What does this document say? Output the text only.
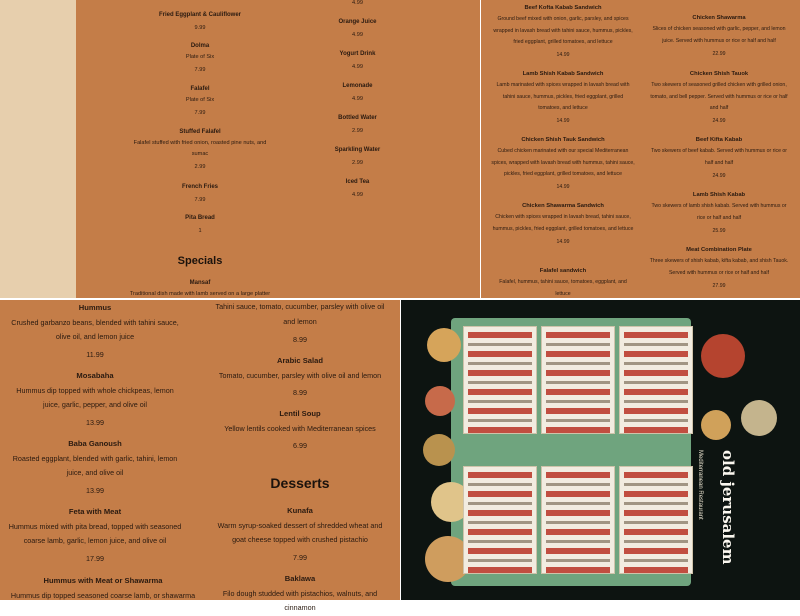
Fried Eggplant & Cauliflower
9.99
Dolma
Plate of Six
7.99
Falafel
Plate of Six
7.99
Stuffed Falafel
Falafel stuffed with fried onion, roasted pine nuts, and sumac
2.99
French Fries
7.99
Pita Bread
1
4.99
Orange Juice
4.99
Yogurt Drink
4.99
Lemonade
4.99
Bottled Water
2.99
Sparkling Water
2.99
Iced Tea
4.99
Specials
Mansaf
Traditional dish made with lamb served on a large platter
Beef Kofta Kabab Sandwich
Ground beef mixed with onion, garlic, parsley, and spices wrapped in lavash bread with tahini sauce, hummus, pickles, fried eggplant, grilled tomatoes, and lettuce
14.99
Lamb Shish Kabab Sandwich
Lamb marinated with spices wrapped in lavash bread with tahini sauce, hummus, pickles, fried eggplant, grilled tomatoes, and lettuce
14.99
Chicken Shish Tauk Sandwich
Cubed chicken marinated with our special Mediterranean spices, wrapped with lavash bread with hummus, tahini sauce, pickles, fried eggplant, grilled tomatoes, and lettuce
14.99
Chicken Shawarma Sandwich
Chicken with spices wrapped in lavash bread, tahini sauce, hummus, pickles, fried eggplant, grilled tomatoes, and lettuce
14.99
Falafel sandwich
Falafel, hummus, tahini sauce, tomatoes, eggplant, and lettuce
Chicken Shawarma
Slices of chicken seasoned with garlic, pepper, and lemon juice. Served with hummus or rice or half and half
22.99
Chicken Shish Tauok
Two skewers of seasoned grilled chicken with grilled onion, tomato, and bell pepper. Served with hummus or rice or half and half
24.99
Beef Kifta Kabab
Two skewers of beef kabab. Served with hummus or rice or half and half
24.99
Lamb Shish Kabab
Two skewers of lamb shish kabab. Served with hummus or rice or half and half
25.99
Meat Combination Plate
Three skewers of shish kabab, kifta kabab, and shish Tauok. Served with hummus or rice or half and half
27.99
Hummus
Crushed garbanzo beans, blended with tahini sauce, olive oil, and lemon juice
11.99
Mosabaha
Hummus dip topped with whole chickpeas, lemon juice, garlic, pepper, and olive oil
13.99
Baba Ganoush
Roasted eggplant, blended with garlic, tahini, lemon juice, and olive oil
13.99
Feta with Meat
Hummus mixed with pita bread, topped with seasoned coarse lamb, garlic, lemon juice, and olive oil
17.99
Hummus with Meat or Shawarma
Hummus dip topped seasoned coarse lamb, or shawarma
Tahini sauce, tomato, cucumber, parsley with olive oil and lemon
8.99
Arabic Salad
Tomato, cucumber, parsley with olive oil and lemon
8.99
Lentil Soup
Yellow lentils cooked with Mediterranean spices
6.99
Desserts
Kunafa
Warm syrup-soaked dessert of shredded wheat and goat cheese topped with crushed pistachio
7.99
Baklawa
Filo dough studded with pistachios, walnuts, and cinnamon
old jerusalem
Mediterranean Restaurant
